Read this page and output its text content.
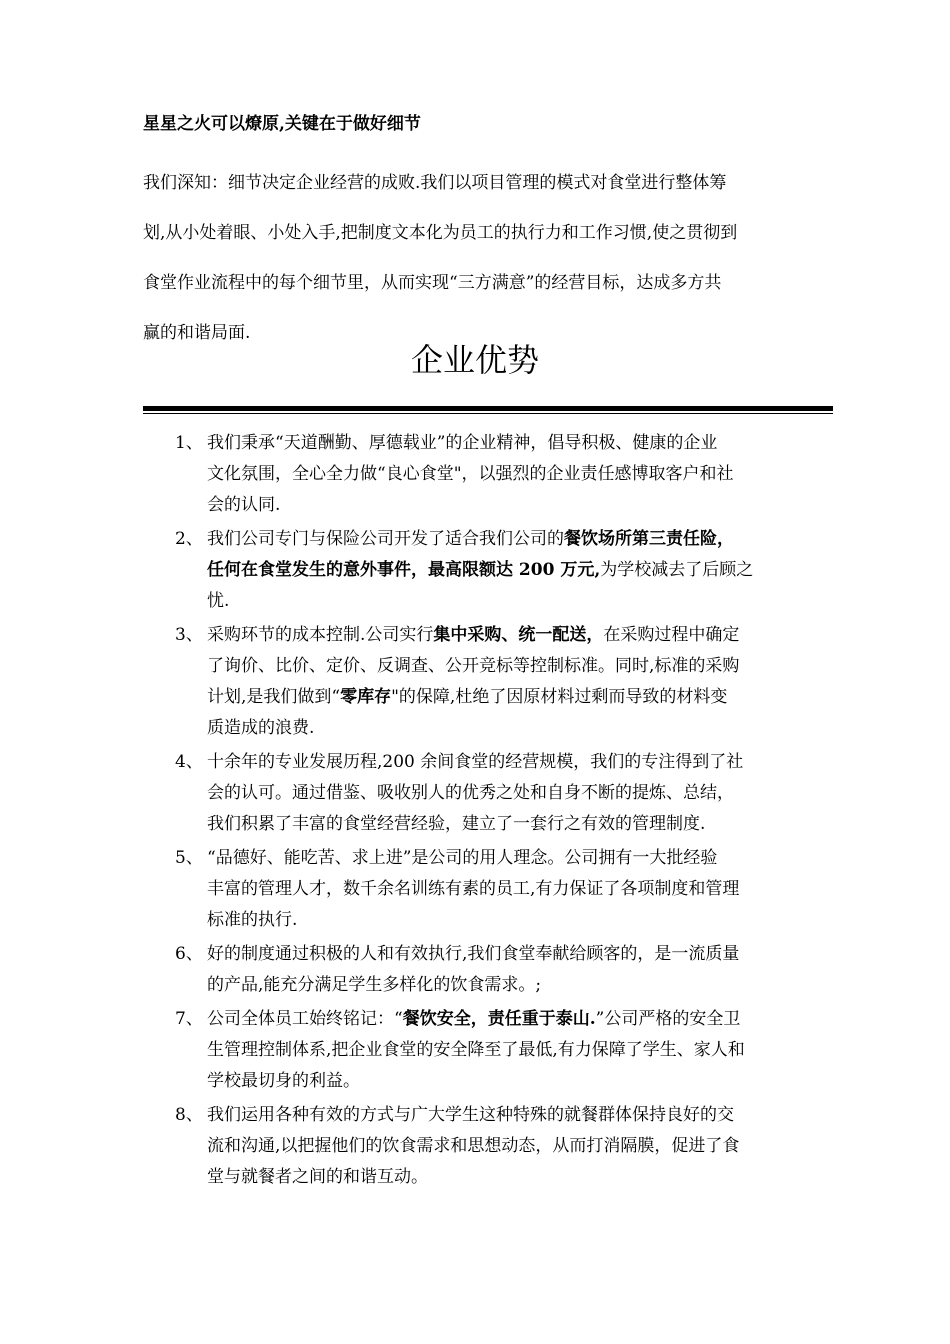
星星之火可以燎原,关键在于做好细节
我们深知：细节决定企业经营的成败.我们以项目管理的模式对食堂进行整体筹
划,从小处着眼、小处入手,把制度文本化为员工的执行力和工作习惯,使之贯彻到
食堂作业流程中的每个细节里，从而实现“三方满意”的经营目标，达成多方共
赢的和谐局面.
企业优势
1、 我们秉承“天道酬勤、厚德载业”的企业精神，倡导积极、健康的企业
文化氛围，全心全力做“良心食堂"，以强烈的企业责任感博取客户和社
会的认同.
2、 我们公司专门与保险公司开发了适合我们公司的餐饮场所第三责任险，
任何在食堂发生的意外事件，最高限额达 200 万元,为学校减去了后顾之
忧.
3、 采购环节的成本控制.公司实行集中采购、统一配送，在采购过程中确定
了询价、比价、定价、反调查、公开竞标等控制标准。同时,标准的采购
计划,是我们做到“零库存"的保障,杜绝了因原材料过剩而导致的材料变
质造成的浪费.
4、 十余年的专业发展历程,200 余间食堂的经营规模，我们的专注得到了社
会的认可。通过借鉴、吸收别人的优秀之处和自身不断的提炼、总结，
我们积累了丰富的食堂经营经验，建立了一套行之有效的管理制度.
5、 “品德好、能吃苦、求上进”是公司的用人理念。公司拥有一大批经验
丰富的管理人才，数千余名训练有素的员工,有力保证了各项制度和管理
标准的执行.
6、 好的制度通过积极的人和有效执行,我们食堂奉献给顾客的，是一流质量
的产品,能充分满足学生多样化的饮食需求。;
7、 公司全体员工始终铭记：“餐饮安全，责任重于泰山.”公司严格的安全卫
生管理控制体系,把企业食堂的安全降至了最低,有力保障了学生、家人和
学校最切身的利益。
8、 我们运用各种有效的方式与广大学生这种特殊的就餐群体保持良好的交
流和沟通,以把握他们的饮食需求和思想动态，从而打消隔膜，促进了食
堂与就餐者之间的和谐互动。
